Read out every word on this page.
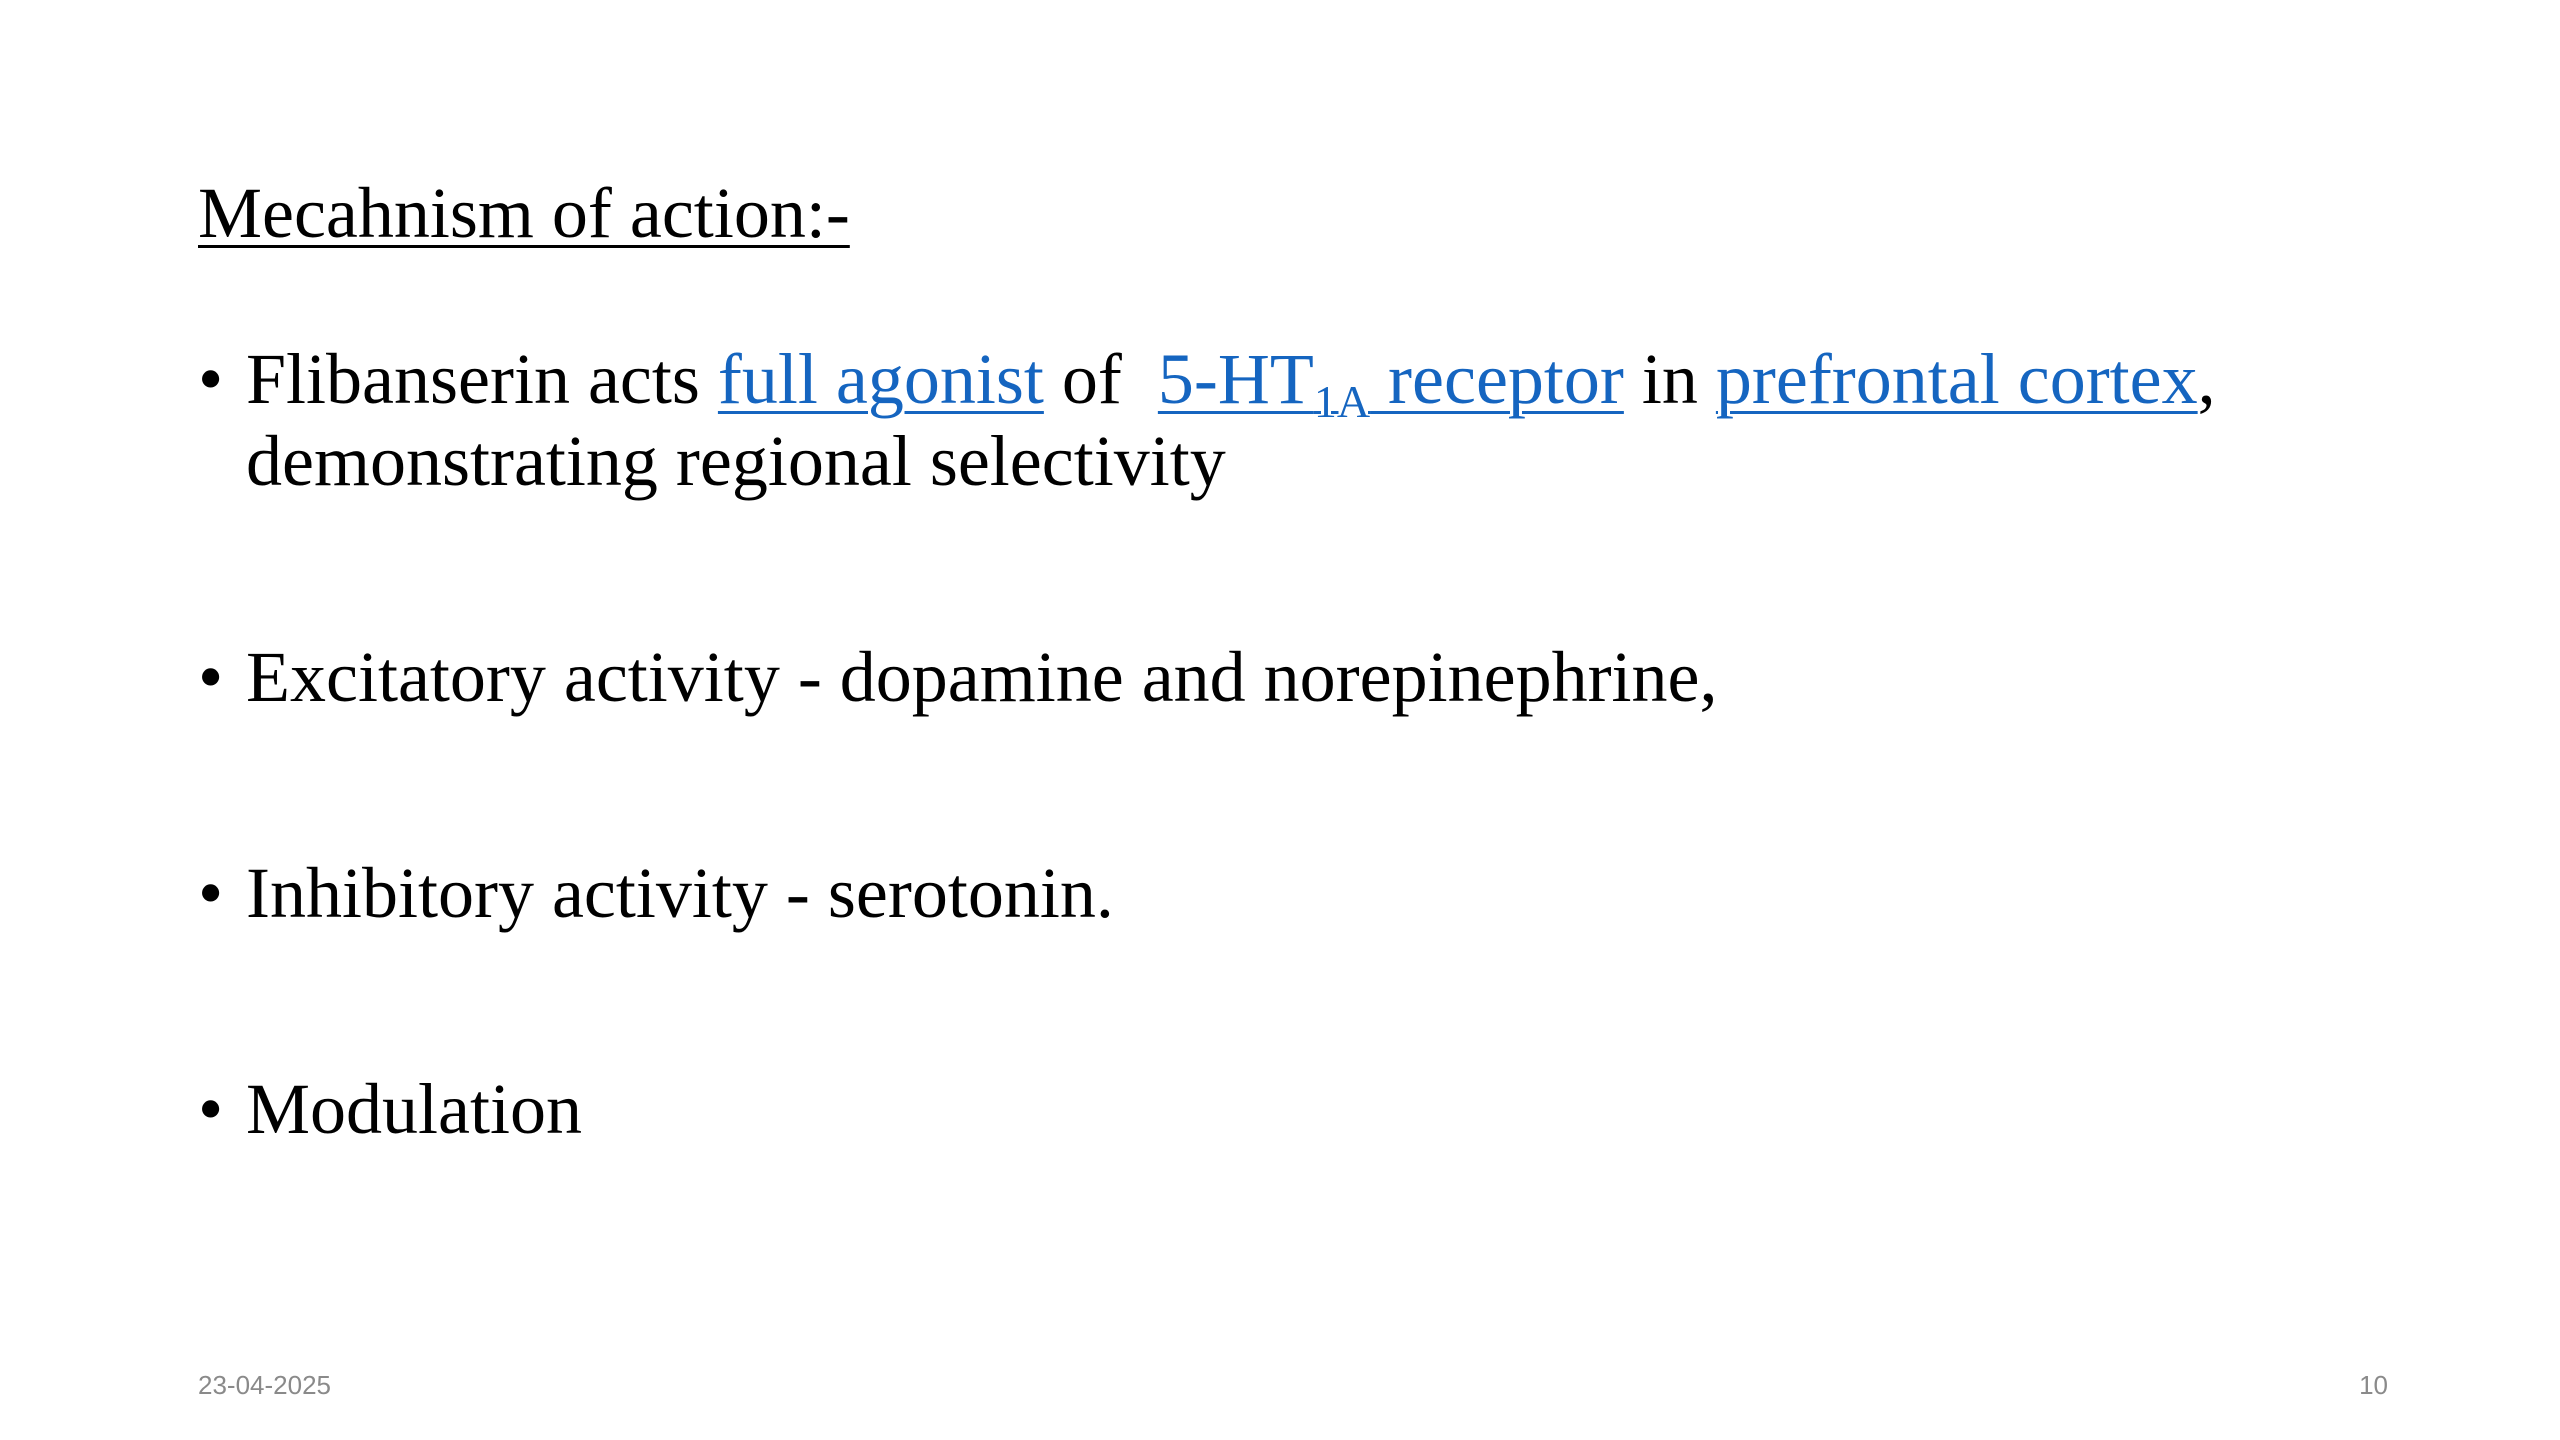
Mecahnism of action:-
• Flibanserin acts full agonist of  $5-HT_{1A}$ receptor in prefrontal cortex, demonstrating regional selectivity
• Excitatory activity - dopamine and norepinephrine,
• Inhibitory activity - serotonin.
• Modulation
23-04-2025	10
